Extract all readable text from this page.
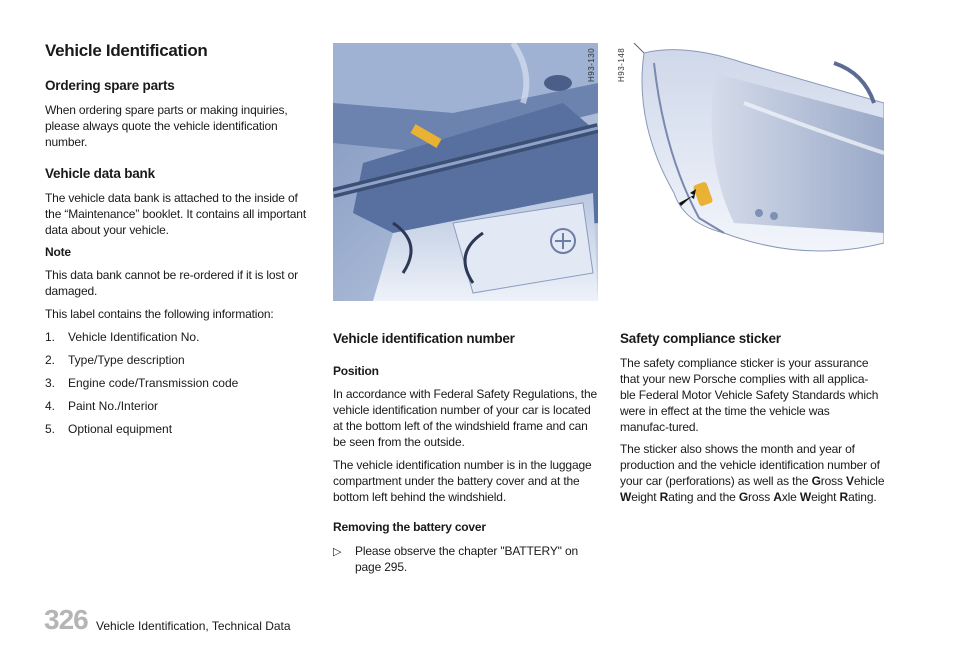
Vehicle Identification
Ordering spare parts
When ordering spare parts or making inquiries, please always quote the vehicle identification number.
Vehicle data bank
The vehicle data bank is attached to the inside of the “Maintenance” booklet. It contains all important data about your vehicle.
Note
This data bank cannot be re-ordered if it is lost or damaged.
This label contains the following information:
1. Vehicle Identification No.
2. Type/Type description
3. Engine code/Transmission code
4. Paint No./Interior
5. Optional equipment
H93-130	H93-148
Vehicle identification number
Position
In accordance with Federal Safety Regulations, the vehicle identification number of your car is located at the bottom left of the windshield frame and can be seen from the outside.
The vehicle identification number is in the luggage compartment under the battery cover and at the bottom left behind the windshield.
Removing the battery cover
▷ Please observe the chapter "BATTERY" on page 295.
Safety compliance sticker
The safety compliance sticker is your assurance that your new Porsche complies with all applica-ble Federal Motor Vehicle Safety Standards which were in effect at the time the vehicle was manufac-tured.
The sticker also shows the month and year of production and the vehicle identification number of your car (perforations) as well as the Gross Vehicle Weight Rating and the Gross Axle Weight Rating.
326 Vehicle Identification, Technical Data
